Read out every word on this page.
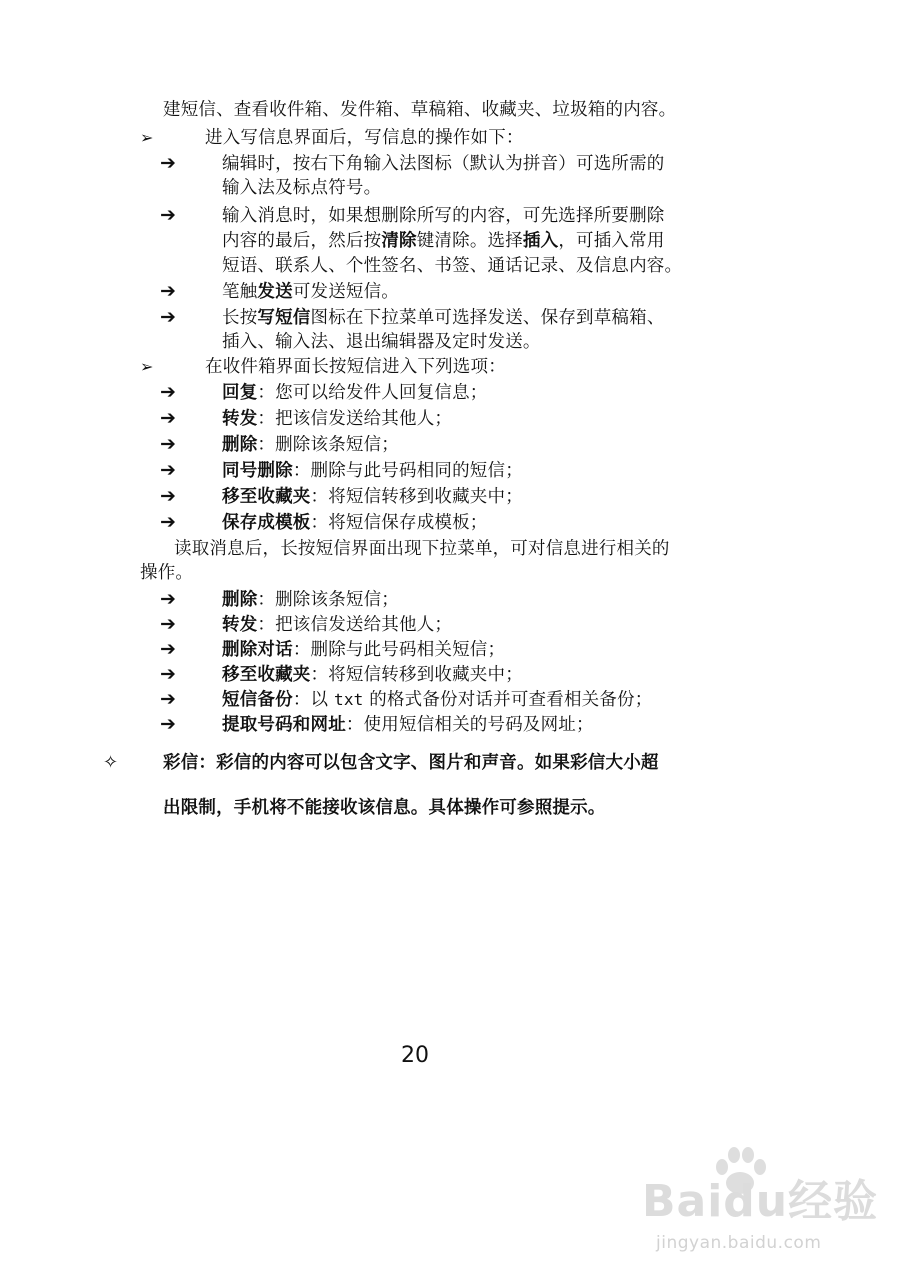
建短信、查看收件箱、发件箱、草稿箱、收藏夹、垃圾箱的内容。
➢	进入写信息界面后，写信息的操作如下：
➔	编辑时，按右下角输入法图标（默认为拼音）可选所需的
输入法及标点符号。
➔	输入消息时，如果想删除所写的内容，可先选择所要删除
内容的最后，然后按清除键清除。选择插入，可插入常用
短语、联系人、个性签名、书签、通话记录、及信息内容。
➔	笔触发送可发送短信。
➔	长按写短信图标在下拉菜单可选择发送、保存到草稿箱、
插入、输入法、退出编辑器及定时发送。
➢	在收件箱界面长按短信进入下列选项：
➔	回复：您可以给发件人回复信息；
➔	转发：把该信发送给其他人；
➔	删除：删除该条短信；
➔	同号删除：删除与此号码相同的短信；
➔	移至收藏夹：将短信转移到收藏夹中；
➔	保存成模板：将短信保存成模板；
读取消息后，长按短信界面出现下拉菜单，可对信息进行相关的
操作。
➔	删除：删除该条短信；
➔	转发：把该信发送给其他人；
➔	删除对话：删除与此号码相关短信；
➔	移至收藏夹：将短信转移到收藏夹中；
➔	短信备份：以 txt 的格式备份对话并可查看相关备份；
➔	提取号码和网址：使用短信相关的号码及网址；
✧	彩信：彩信的内容可以包含文字、图片和声音。如果彩信大小超
出限制，手机将不能接收该信息。具体操作可参照提示。
20
Baidu经验
jingyan.baidu.com
